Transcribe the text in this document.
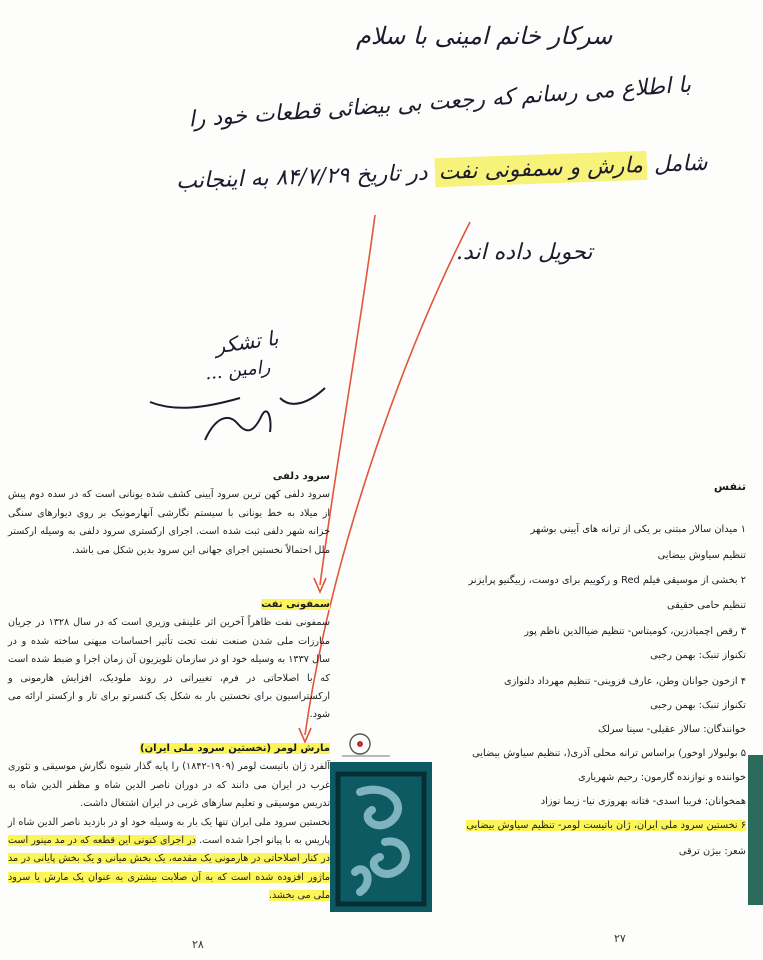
سرکار خانم امینی با سلام
با اطلاع می رسانم که رجعت بی بیضائی قطعات خود را
شامل مارش و سمفونی نفت در تاریخ ۸۴/۷/۲۹ به اینجانب
تحویل داده اند.
با تشکر
رامین ...

سرود دلفی

سرود دلفی کهن ترین سرود آیینی کشف شده یونانی است که در سده دوم پیش از میلاد به خط یونانی با سیستم نگارشی آنهارمونیک بر روی دیوارهای سنگی خزانه شهر دلفی ثبت شده است. اجرای ارکستری سرود دلفی به وسیله ارکستر ملل احتمالاً نخستین اجرای جهانی این سرود بدین شکل می باشد.

سمفونی نفت

سمفونی نفت ظاهراً آخرین اثر علینقی وزیری است که در سال ۱۳۲۸ در جریان مبارزات ملی شدن صنعت نفت تحت تأثیر احساسات میهنی ساخته شده و در سال ۱۳۳۷ به وسیله خود او در سازمان تلویزیون آن زمان اجرا و ضبط شده است که با اصلاحاتی در فرم، تغییراتی در روند ملودیک، افزایش هارمونی و ارکستراسیون برای نخستین بار به شکل یک کنسرتو برای تار و ارکستر ارائه می شود.

مارش لومر (نخستین سرود ملی ایران)

آلفرد ژان باتیست لومر (۱۹۰۹-۱۸۴۲) را پایه گذار شیوه نگارش موسیقی و تئوری غرب در ایران می دانند که در دوران ناصر الدین شاه و مظفر الدین شاه به تدریس موسیقی و تعلیم سازهای غربی در ایران اشتغال داشت.

نخستین سرود ملی ایران تنها یک بار به وسیله خود او در بازدید ناصر الدین شاه از پاریس به با پیانو اجرا شده است. در اجرای کنونی این قطعه که در مد مینور است در کنار اصلاحاتی در هارمونی یک مقدمه، یک بخش میانی و یک بخش پایانی در مد ماژور افزوده شده است که به آن صلابت بیشتری به عنوان یک مارش یا سرود ملی می بخشد.

تنفس
۱ میدان سالار مبتنی بر یکی از ترانه های آیینی بوشهر
تنظیم سیاوش بیضایی
۲ بخشی از موسیقی فیلم Red و رکوییم برای دوست، زبیگنیو پرایزنر
تنظیم حامی حقیقی
۳ رقص اچمیادزین، کومیتاس- تنظیم ضیاالدین ناظم پور
تکنواز تنبک: بهمن رجبی
۴ ازخون جوانان وطن، عارف قزوینی- تنظیم مهرداد دلنوازی
تکنواز تنبک: بهمن رجبی
خوانندگان: سالار عقیلی- سینا سرلک
۵ بولبولار اوخور) براساس ترانه محلی آذری(، تنظیم سیاوش بیضایی
خواننده و نوازنده گارمون: رحیم شهریاری
همخوانان: فریبا اسدی- فتانه بهروزی نیا- زیما نوزاد
۶ نخستین سرود ملی ایران، ژان باتیست لومر- تنظیم سیاوش بیضایی
شعر: بیژن ترقی
۲۸	۲۷
